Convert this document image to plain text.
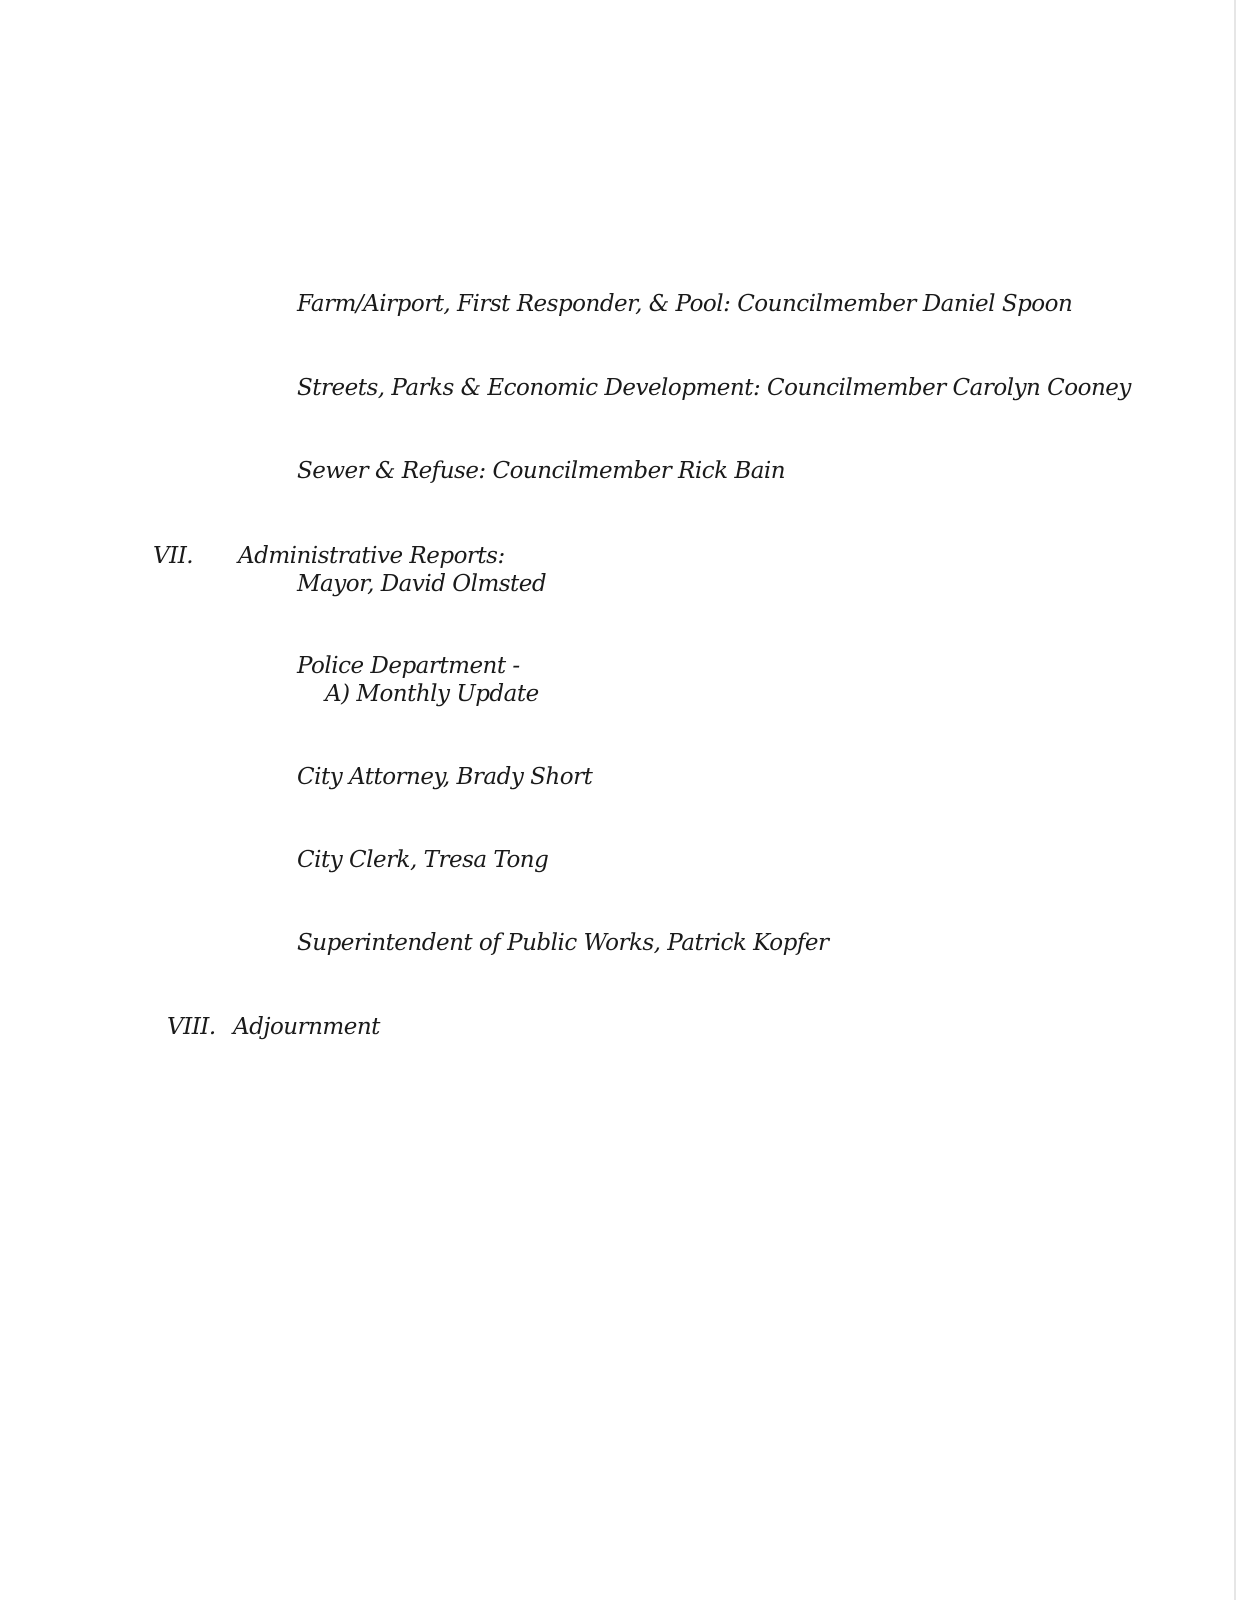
Farm/Airport, First Responder, & Pool: Councilmember Daniel Spoon
Streets, Parks & Economic Development: Councilmember Carolyn Cooney
Sewer & Refuse: Councilmember Rick Bain
VII. Administrative Reports:
Mayor, David Olmsted
Police Department -
A) Monthly Update
City Attorney, Brady Short
City Clerk, Tresa Tong
Superintendent of Public Works, Patrick Kopfer
VIII. Adjournment
